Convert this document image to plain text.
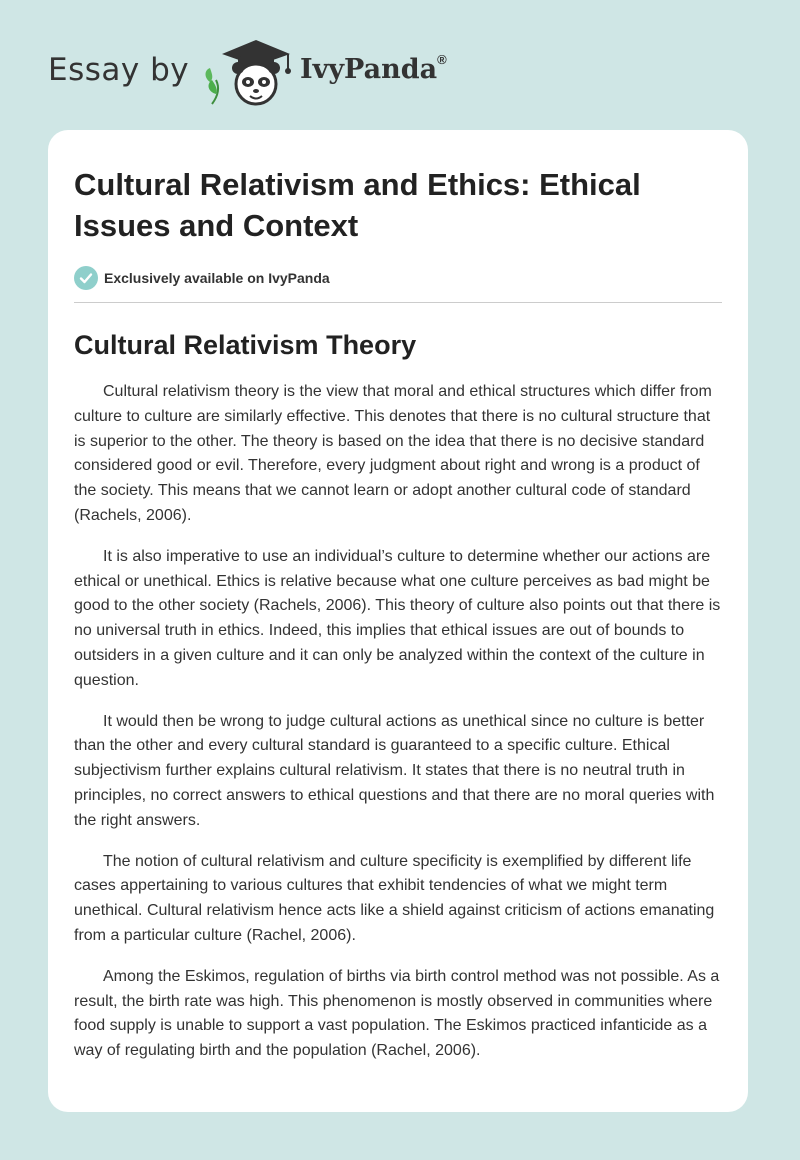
Essay by	IvyPanda®
Cultural Relativism and Ethics: Ethical Issues and Context
Exclusively available on IvyPanda
Cultural Relativism Theory

Cultural relativism theory is the view that moral and ethical structures which differ from culture to culture are similarly effective. This denotes that there is no cultural structure that is superior to the other. The theory is based on the idea that there is no decisive standard considered good or evil. Therefore, every judgment about right and wrong is a product of the society. This means that we cannot learn or adopt another cultural code of standard (Rachels, 2006).

It is also imperative to use an individual’s culture to determine whether our actions are ethical or unethical. Ethics is relative because what one culture perceives as bad might be good to the other society (Rachels, 2006). This theory of culture also points out that there is no universal truth in ethics. Indeed, this implies that ethical issues are out of bounds to outsiders in a given culture and it can only be analyzed within the context of the culture in question.

It would then be wrong to judge cultural actions as unethical since no culture is better than the other and every cultural standard is guaranteed to a specific culture. Ethical subjectivism further explains cultural relativism. It states that there is no neutral truth in principles, no correct answers to ethical questions and that there are no moral queries with the right answers.

The notion of cultural relativism and culture specificity is exemplified by different life cases appertaining to various cultures that exhibit tendencies of what we might term unethical. Cultural relativism hence acts like a shield against criticism of actions emanating from a particular culture (Rachel, 2006).

Among the Eskimos, regulation of births via birth control method was not possible. As a result, the birth rate was high. This phenomenon is mostly observed in communities where food supply is unable to support a vast population. The Eskimos practiced infanticide as a way of regulating birth and the population (Rachel, 2006).
